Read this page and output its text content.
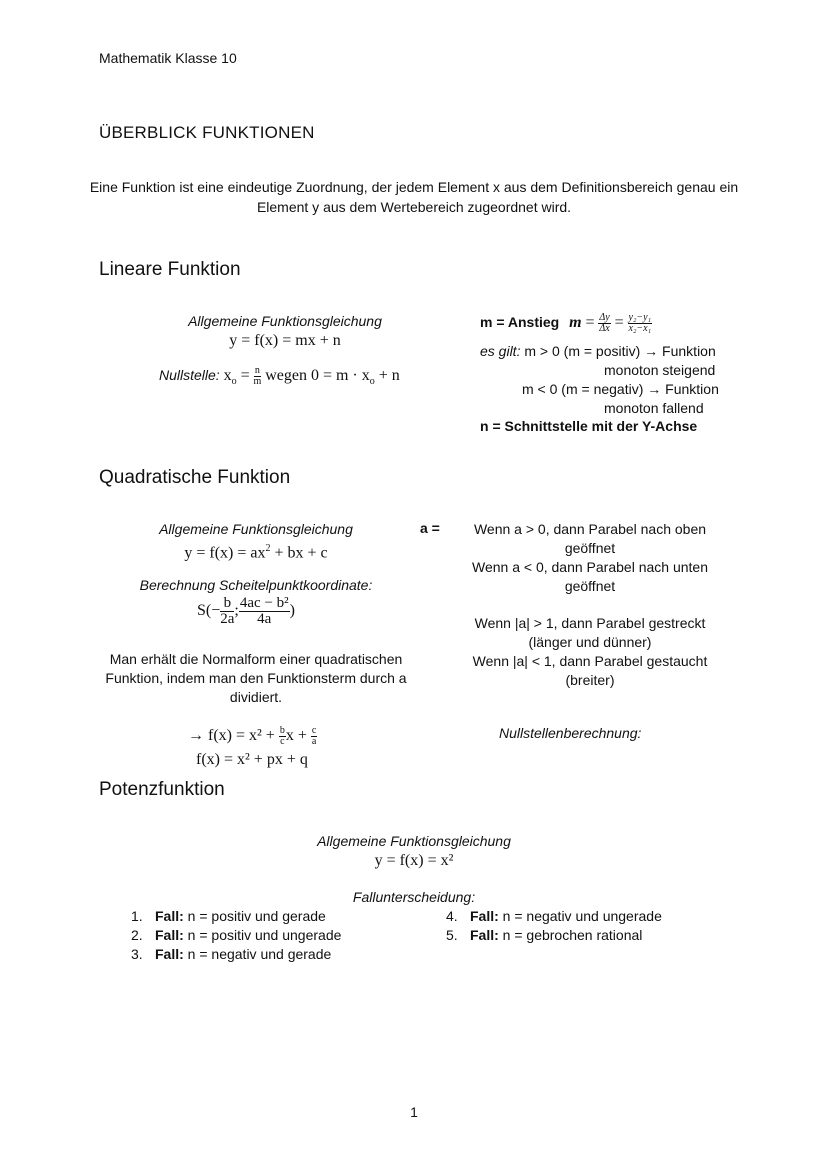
Mathematik Klasse 10
ÜBERBLICK FUNKTIONEN
Eine Funktion ist eine eindeutige Zuordnung, der jedem Element x aus dem Definitionsbereich genau ein Element y aus dem Wertebereich zugeordnet wird.
Lineare Funktion
Allgemeine Funktionsgleichung
y = f(x) = mx + n
Nullstelle: $x_o = \frac{n}{m}$ wegen $0 = m \cdot x_o + n$
m = Anstieg $m = \frac{\Delta y}{\Delta x} = \frac{\text{y₂−y₁}}{\text{x₂−x₁}}$
es gilt: m > 0 (m = positiv) → Funktion
monoton steigend
m < 0 (m = negativ) → Funktion
monoton fallend
n = Schnittstelle mit der Y-Achse
Quadratische Funktion
Allgemeine Funktionsgleichung
$y = f(x) = ax^2$ + bx + c
Berechnung Scheitelpunktkoordinate:
$S(- \frac{b}{2a}$ ; $\frac{\text{4ac − b²}}{4a}$ )
Man erhält die Normalform einer quadratischen Funktion, indem man den Funktionsterm durch a dividiert.
→ $f(x) = x^2 + \frac{b}{c}$ $x + \frac{c}{a}$
f(x) = x² + px + q
a =	Wenn a > 0, dann Parabel nach oben geöffnet
Wenn a < 0, dann Parabel nach unten geöffnet
Wenn |a| > 1, dann Parabel gestreckt (länger und dünner)
Wenn |a| < 1, dann Parabel gestaucht (breiter)
Nullstellenberechnung:
Potenzfunktion
Allgemeine Funktionsgleichung
y = f(x) = x²
Fallunterscheidung:
1. Fall: n = positiv und gerade
2. Fall: n = positiv und ungerade
3. Fall: n = negativ und gerade
4. Fall: n = negativ und ungerade
5. Fall: n = gebrochen rational
1
